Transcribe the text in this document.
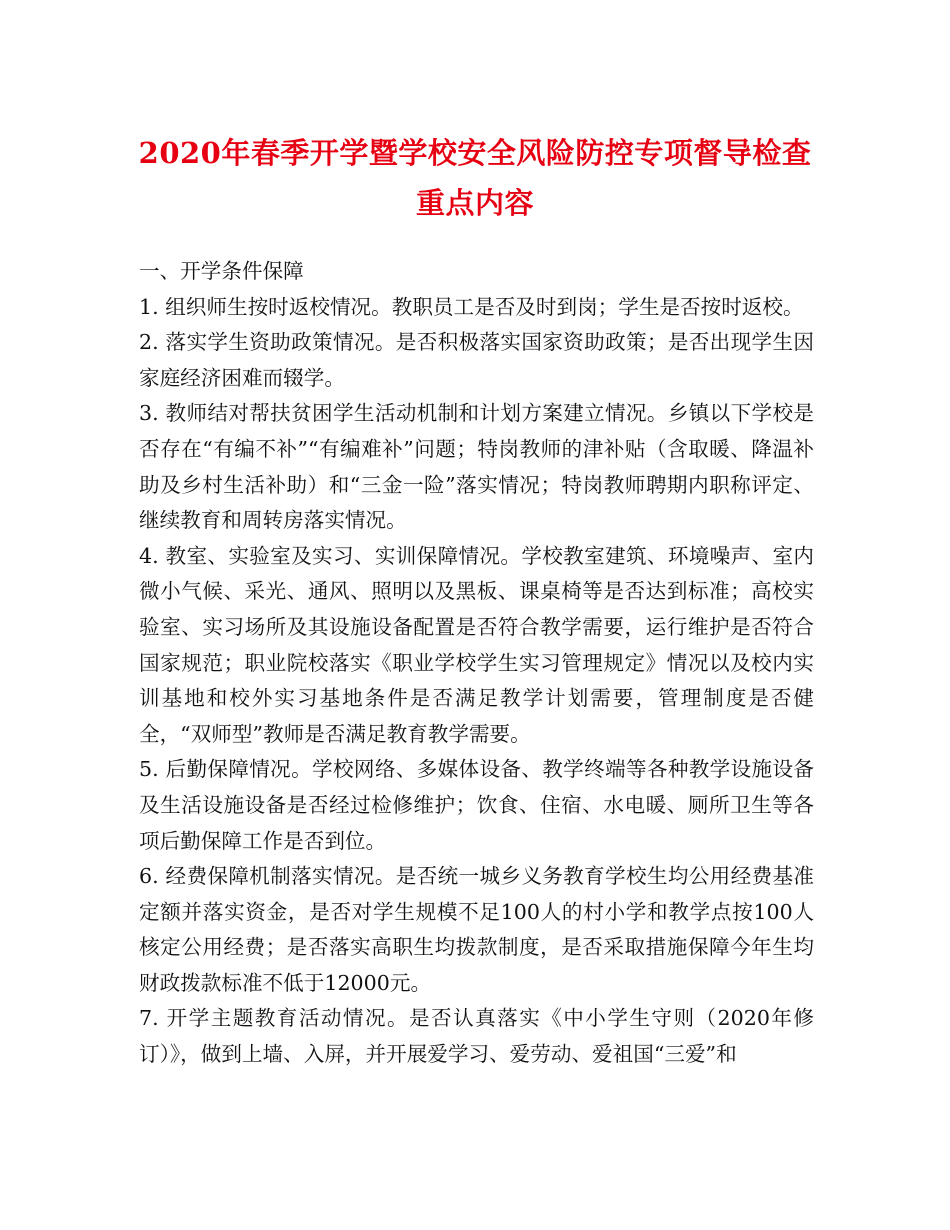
2020年春季开学暨学校安全风险防控专项督导检查重点内容

一、开学条件保障

1. 组织师生按时返校情况。教职员工是否及时到岗；学生是否按时返校。

2. 落实学生资助政策情况。是否积极落实国家资助政策；是否出现学生因家庭经济困难而辍学。

3. 教师结对帮扶贫困学生活动机制和计划方案建立情况。乡镇以下学校是否存在“有编不补”“有编难补”问题；特岗教师的津补贴（含取暖、降温补助及乡村生活补助）和“三金一险”落实情况；特岗教师聘期内职称评定、继续教育和周转房落实情况。

4. 教室、实验室及实习、实训保障情况。学校教室建筑、环境噪声、室内微小气候、采光、通风、照明以及黑板、课桌椅等是否达到标准；高校实验室、实习场所及其设施设备配置是否符合教学需要，运行维护是否符合国家规范；职业院校落实《职业学校学生实习管理规定》情况以及校内实训基地和校外实习基地条件是否满足教学计划需要，管理制度是否健全，“双师型”教师是否满足教育教学需要。

5. 后勤保障情况。学校网络、多媒体设备、教学终端等各种教学设施设备及生活设施设备是否经过检修维护；饮食、住宿、水电暖、厕所卫生等各项后勤保障工作是否到位。

6. 经费保障机制落实情况。是否统一城乡义务教育学校生均公用经费基准定额并落实资金，是否对学生规模不足100人的村小学和教学点按100人核定公用经费；是否落实高职生均拨款制度，是否采取措施保障今年生均财政拨款标准不低于12000元。

7. 开学主题教育活动情况。是否认真落实《中小学生守则（2020年修订）》，做到上墙、入屏，并开展爱学习、爱劳动、爱祖国“三爱”和
